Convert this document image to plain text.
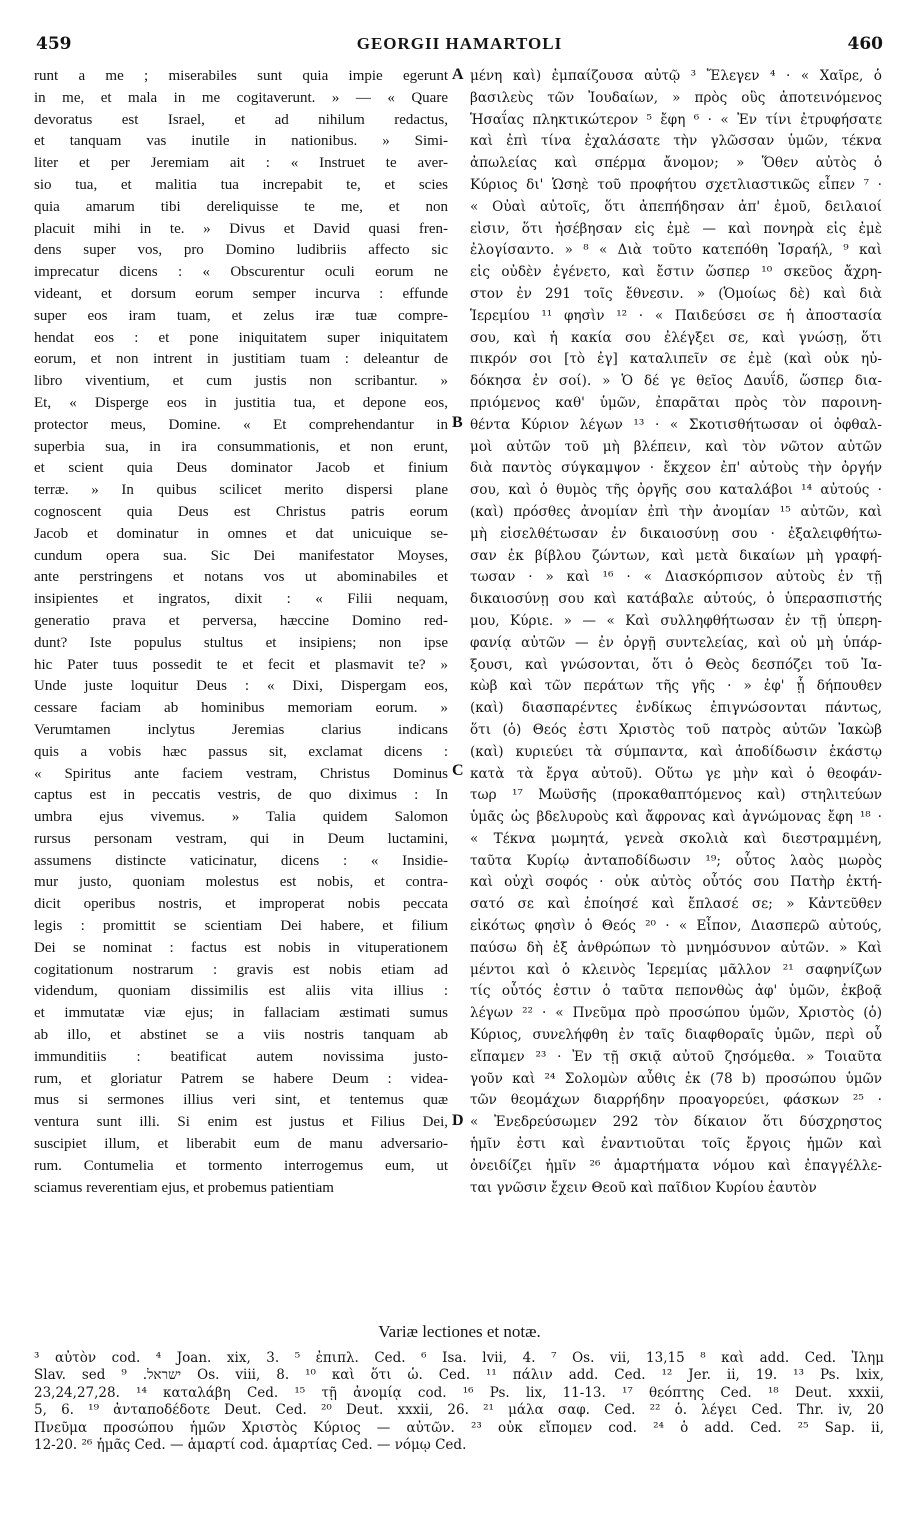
459	GEORGII HAMARTOLI	460
runt a me ; miserabiles sunt quia impie egerunt
in me, et mala in me cogitaverunt. » — « Quare
devoratus est Israel, et ad nihilum redactus,
et tanquam vas inutile in nationibus. » Simi-
liter et per Jeremiam ait : « Instruet te aver-
sio tua, et malitia tua increpabit te, et scies
quia amarum tibi dereliquisse te me, et non
placuit mihi in te. » Divus et David quasi fren-
dens super vos, pro Domino ludibriis affecto sic
imprecatur dicens : « Obscurentur oculi eorum ne
videant, et dorsum eorum semper incurva : effunde
super eos iram tuam, et zelus iræ tuæ compre-
hendat eos : et pone iniquitatem super iniquitatem
eorum, et non intrent in justitiam tuam : deleantur de
libro viventium, et cum justis non scribantur. »
Et, « Disperge eos in justitia tua, et depone eos,
protector meus, Domine. « Et comprehendantur in
superbia sua, in ira consummationis, et non erunt,
et scient quia Deus dominator Jacob et finium
terræ. » In quibus scilicet merito dispersi plane
cognoscent quia Deus est Christus patris eorum
Jacob et dominatur in omnes et dat unicuique se-
cundum opera sua. Sic Dei manifestator Moyses,
ante perstringens et notans vos ut abominabiles et
insipientes et ingratos, dixit : « Filii nequam,
generatio prava et perversa, hæccine Domino red-
dunt? Iste populus stultus et insipiens; non ipse
hic Pater tuus possedit te et fecit et plasmavit te? »
Unde juste loquitur Deus : « Dixi, Dispergam eos,
cessare faciam ab hominibus memoriam eorum. »
Verumtamen inclytus Jeremias clarius indicans
quis a vobis hæc passus sit, exclamat dicens :
« Spiritus ante faciem vestram, Christus Dominus
captus est in peccatis vestris, de quo diximus : In
umbra ejus vivemus. » Talia quidem Salomon
rursus personam vestram, qui in Deum luctamini,
assumens distincte vaticinatur, dicens : « Insidie-
mur justo, quoniam molestus est nobis, et contra-
dicit operibus nostris, et improperat nobis peccata
legis : promittit se scientiam Dei habere, et filium
Dei se nominat : factus est nobis in vituperationem
cogitationum nostrarum : gravis est nobis etiam ad
videndum, quoniam dissimilis est aliis vita illius :
et immutatæ viæ ejus; in fallaciam æstimati sumus
ab illo, et abstinet se a viis nostris tanquam ab
immunditiis : beatificat autem novissima justo-
rum, et gloriatur Patrem se habere Deum : videa-
mus si sermones illius veri sint, et tentemus quæ
ventura sunt illi. Si enim est justus et Filius Dei,
suscipiet illum, et liberabit eum de manu adversario-
rum. Contumelia et tormento interrogemus eum, ut
sciamus reverentiam ejus, et probemus patientiam
μένη καὶ) ἐμπαίζουσα αὐτῷ ³ Ἔλεγεν ⁴ · « Χαῖρε, ὁ
βασιλεὺς τῶν Ἰουδαίων, » πρὸς οὓς ἀποτεινόμενος
Ἡσαΐας πληκτικώτερον ⁵ ἔφη ⁶ · « Ἐν τίνι ἐτρυφήσατε
καὶ ἐπὶ τίνα ἐχαλάσατε τὴν γλῶσσαν ὑμῶν, τέκνα
ἀπωλείας καὶ σπέρμα ἄνομον; » Ὅθεν αὐτὸς ὁ
Κύριος δι' Ὡσηὲ τοῦ προφήτου σχετλιαστικῶς εἶπεν ⁷ ·
« Οὐαὶ αὐτοῖς, ὅτι ἀπεπήδησαν ἀπ' ἐμοῦ, δειλαιοί
εἰσιν, ὅτι ἠσέβησαν εἰς ἐμὲ — καὶ πονηρὰ εἰς ἐμὲ
ἐλογίσαντο. » ⁸ « Διὰ τοῦτο κατεπόθη Ἰσραήλ, ⁹ καὶ
εἰς οὐδὲν ἐγένετο, καὶ ἔστιν ὥσπερ ¹⁰ σκεῦος ἄχρη-
στον ἐν 291 τοῖς ἔθνεσιν. » (Ὁμοίως δὲ) καὶ διὰ
Ἱερεμίου ¹¹ φησὶν ¹² · « Παιδεύσει σε ἡ ἀποστασία
σου, καὶ ἡ κακία σου ἐλέγξει σε, καὶ γνώσῃ, ὅτι
πικρόν σοι [τὸ ἐγ] καταλιπεῖν σε ἐμὲ (καὶ οὐκ ηὐ-
δόκησα ἐν σοί). » Ὁ δέ γε θεῖος Δαυΐδ, ὥσπερ δια-
πριόμενος καθ' ὑμῶν, ἐπαρᾶται πρὸς τὸν παροινη-
θέντα Κύριον λέγων ¹³ · « Σκοτισθήτωσαν οἱ ὀφθαλ-
μοὶ αὐτῶν τοῦ μὴ βλέπειν, καὶ τὸν νῶτον αὐτῶν
διὰ παντὸς σύγκαμψον · ἔκχεον ἐπ' αὐτοὺς τὴν ὀργήν
σου, καὶ ὁ θυμὸς τῆς ὀργῆς σου καταλάβοι ¹⁴ αὐτούς ·
(καὶ) πρόσθες ἀνομίαν ἐπὶ τὴν ἀνομίαν ¹⁵ αὐτῶν, καὶ
μὴ εἰσελθέτωσαν ἐν δικαιοσύνῃ σου · ἐξαλειφθήτω-
σαν ἐκ βίβλου ζώντων, καὶ μετὰ δικαίων μὴ γραφή-
τωσαν · » καὶ ¹⁶ · « Διασκόρπισον αὐτοὺς ἐν τῇ
δικαιοσύνῃ σου καὶ κατάβαλε αὐτούς, ὁ ὑπερασπιστής
μου, Κύριε. » — « Καὶ συλληφθήτωσαν ἐν τῇ ὑπερη-
φανίᾳ αὐτῶν — ἐν ὀργῇ συντελείας, καὶ οὐ μὴ ὑπάρ-
ξουσι, καὶ γνώσονται, ὅτι ὁ Θεὸς δεσπόζει τοῦ Ἰα-
κὼβ καὶ τῶν περάτων τῆς γῆς · » ἐφ' ᾗ δήπουθεν
(καὶ) διασπαρέντες ἐνδίκως ἐπιγνώσονται πάντως,
ὅτι (ὁ) Θεός ἐστι Χριστὸς τοῦ πατρὸς αὐτῶν Ἰακὼβ
(καὶ) κυριεύει τὰ σύμπαντα, καὶ ἀποδίδωσιν ἑκάστῳ
κατὰ τὰ ἔργα αὐτοῦ). Οὕτω γε μὴν καὶ ὁ θεοφάν-
τωρ ¹⁷ Μωϋσῆς (προκαθαπτόμενος καὶ) στηλιτεύων
ὑμᾶς ὡς βδελυροὺς καὶ ἄφρονας καὶ ἀγνώμονας ἔφη ¹⁸ ·
« Τέκνα μωμητά, γενεὰ σκολιὰ καὶ διεστραμμένη,
ταῦτα Κυρίῳ ἀνταποδίδωσιν ¹⁹; οὗτος λαὸς μωρὸς
καὶ οὐχὶ σοφός · οὐκ αὐτὸς οὗτός σου Πατὴρ ἐκτή-
σατό σε καὶ ἐποίησέ καὶ ἔπλασέ σε; » Κἀντεῦθεν
εἰκότως φησὶν ὁ Θεός ²⁰ · « Εἶπον, Διασπερῶ αὐτούς,
παύσω δὴ ἐξ ἀνθρώπων τὸ μνημόσυνον αὐτῶν. » Καὶ
μέντοι καὶ ὁ κλεινὸς Ἱερεμίας μᾶλλον ²¹ σαφηνίζων
τίς οὗτός ἐστιν ὁ ταῦτα πεπονθὼς ἀφ' ὑμῶν, ἐκβοᾷ
λέγων ²² · « Πνεῦμα πρὸ προσώπου ὑμῶν, Χριστὸς (ὁ)
Κύριος, συνελήφθη ἐν ταῖς διαφθοραῖς ὑμῶν, περὶ οὗ
εἴπαμεν ²³ · Ἐν τῇ σκιᾷ αὐτοῦ ζησόμεθα. » Τοιαῦτα
γοῦν καὶ ²⁴ Σολομὼν αὖθις ἐκ (78 b) προσώπου ὑμῶν
τῶν θεομάχων διαρρήδην προαγορεύει, φάσκων ²⁵ ·
« Ἐνεδρεύσωμεν 292 τὸν δίκαιον ὅτι δύσχρηστος
ἡμῖν ἐστι καὶ ἐναντιοῦται τοῖς ἔργοις ἡμῶν καὶ
ὀνειδίζει ἡμῖν ²⁶ ἁμαρτήματα νόμου καὶ ἐπαγγέλλε-
ται γνῶσιν ἔχειν Θεοῦ καὶ παῖδιον Κυρίου ἑαυτὸν
A
B
C
D
Variæ lectiones et notæ.
³ αὐτὸν cod. ⁴ Joan. xix, 3. ⁵ ἐπιπλ. Ced. ⁶ Isa. lvii, 4. ⁷ Os. vii, 13,15 ⁸ καὶ add. Ced. Ἰλημ
Slav. sed ישראל. ⁹ Os. viii, 8. ¹⁰ καὶ ὅτι ὡ. Ced. ¹¹ πάλιν add. Ced. ¹² Jer. ii, 19. ¹³ Ps. lxix,
23,24,27,28. ¹⁴ καταλάβη Ced. ¹⁵ τῇ ἀνομίᾳ cod. ¹⁶ Ps. lix, 11-13. ¹⁷ θεόπτης Ced. ¹⁸ Deut. xxxii,
5, 6. ¹⁹ ἀνταποδέδοτε Deut. Ced. ²⁰ Deut. xxxii, 26. ²¹ μάλα σαφ. Ced. ²² ὁ. λέγει Ced. Thr. iv, 20
Πνεῦμα προσώπου ἡμῶν Χριστὸς Κύριος — αὐτῶν. ²³ οὐκ εἴπομεν cod. ²⁴ ὁ add. Ced. ²⁵ Sap. ii,
12-20. ²⁶ ἡμᾶς Ced. — ἁμαρτί cod. ἁμαρτίας Ced. — νόμῳ Ced.
